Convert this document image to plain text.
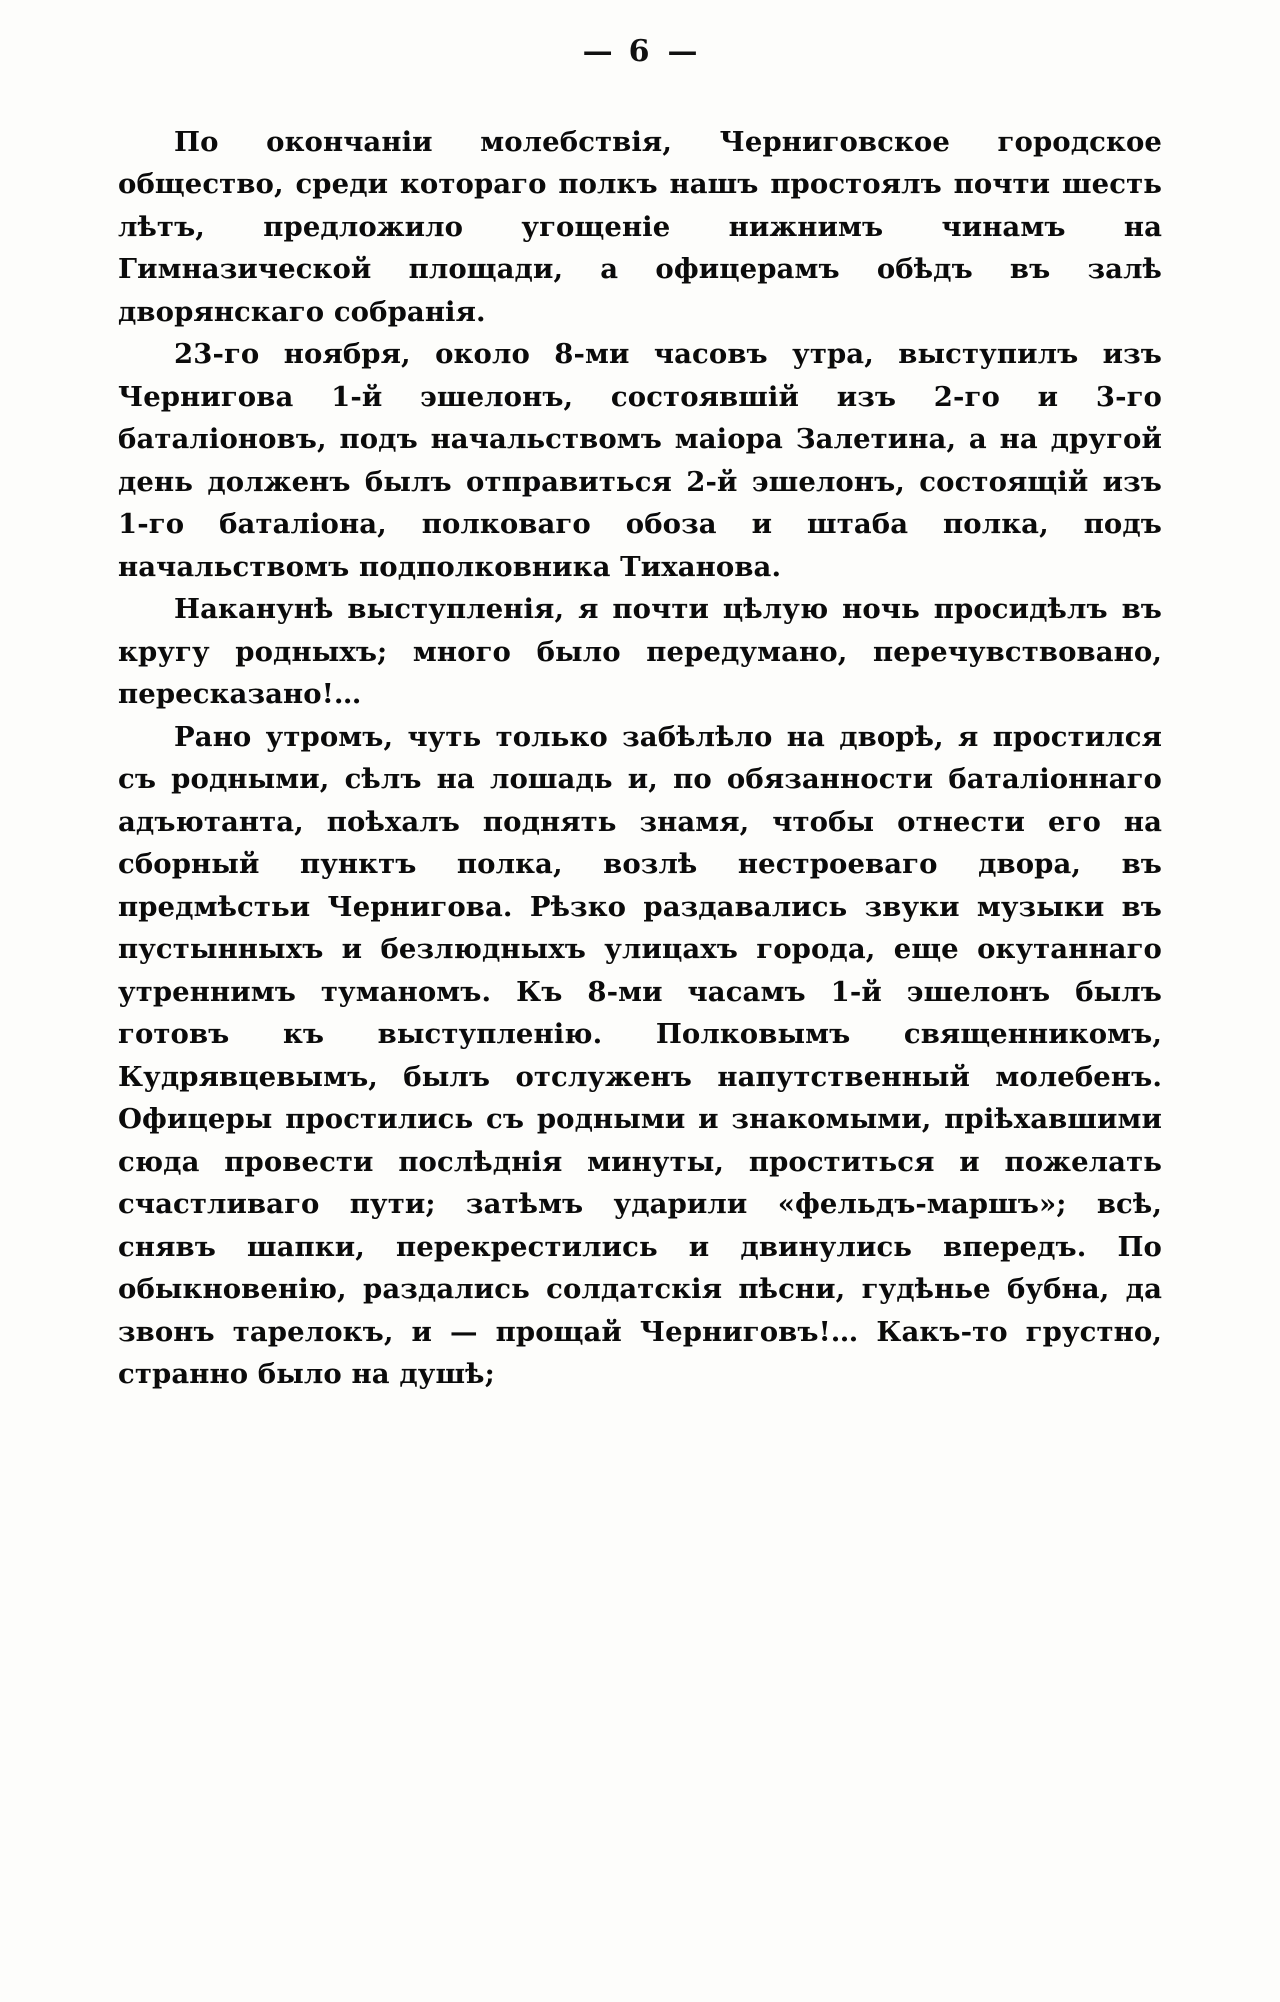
— 6 —

По окончаніи молебствія, Черниговское городское общество, среди котораго полкъ нашъ простоялъ почти шесть лѣтъ, предложило угощеніе нижнимъ чинамъ на Гимназической площади, а офицерамъ обѣдъ въ залѣ дворянскаго собранія.

23-го ноября, около 8-ми часовъ утра, выступилъ изъ Чернигова 1-й эшелонъ, состоявшій изъ 2-го и 3-го баталіоновъ, подъ начальствомъ маіора Залетина, а на другой день долженъ былъ отправиться 2-й эшелонъ, состоящій изъ 1-го баталіона, полковаго обоза и штаба полка, подъ начальствомъ подполковника Тиханова.

Наканунѣ выступленія, я почти цѣлую ночь просидѣлъ въ кругу родныхъ; много было передумано, перечувствовано, пересказано!…

Рано утромъ, чуть только забѣлѣло на дворѣ, я простился съ родными, сѣлъ на лошадь и, по обязанности баталіоннаго адъютанта, поѣхалъ поднять знамя, чтобы отнести его на сборный пунктъ полка, возлѣ нестроеваго двора, въ предмѣстьи Чернигова. Рѣзко раздавались звуки музыки въ пустынныхъ и безлюдныхъ улицахъ города, еще окутаннаго утреннимъ туманомъ. Къ 8-ми часамъ 1-й эшелонъ былъ готовъ къ выступленію. Полковымъ священникомъ, Кудрявцевымъ, былъ отслуженъ напутственный молебенъ. Офицеры простились съ родными и знакомыми, пріѣхавшими сюда провести послѣднія минуты, проститься и пожелать счастливаго пути; затѣмъ ударили «фельдъ-маршъ»; всѣ, снявъ шапки, перекрестились и двинулись впередъ. По обыкновенію, раздались солдатскія пѣсни, гудѣнье бубна, да звонъ тарелокъ, и — прощай Черниговъ!… Какъ-то грустно, странно было на душѣ;
